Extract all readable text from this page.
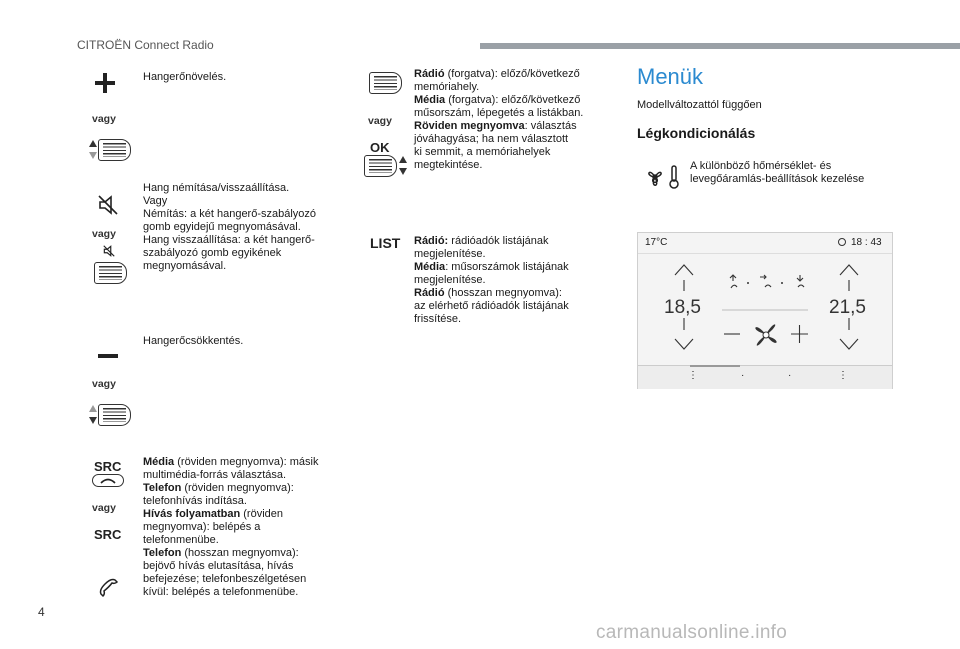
CITROËN Connect Radio
Hangerőnövelés.
vagy
Hang némítása/visszaállítása.
Vagy
Némítás: a két hangerő-szabályozó
gomb egyidejű megnyomásával.
Hang visszaállítása: a két hangerő-
szabályozó gomb egyikének
megnyomásával.
vagy
Hangerőcsökkentés.
vagy
SRC
vagy
SRC
Média (röviden megnyomva): másik
multimédia-forrás választása.
Telefon (röviden megnyomva):
telefonhívás indítása.
Hívás folyamatban (röviden
megnyomva): belépés a
telefonmenübe.
Telefon (hosszan megnyomva):
bejövő hívás elutasítása, hívás
befejezése; telefonbeszélgetésen
kívül: belépés a telefonmenübe.
vagy
OK
Rádió (forgatva): előző/következő
memóriahely.
Média (forgatva): előző/következő
műsorszám, lépegetés a listákban.
Röviden megnyomva: választás
jóváhagyása; ha nem választott
ki semmit, a memóriahelyek
megtekintése.
LIST Rádió: rádióadók listájának
megjelenítése.
Média: műsorszámok listájának
megjelenítése.
Rádió (hosszan megnyomva):
az elérhető rádióadók listájának
frissítése.
Menük
Modellváltozattól függően
Légkondicionálás
A különböző hőmérséklet- és
levegőáramlás-beállítások kezelése
17°C	18 : 43
18,5	21,5
⋮	·	·	⋮
4
carmanualsonline.info
